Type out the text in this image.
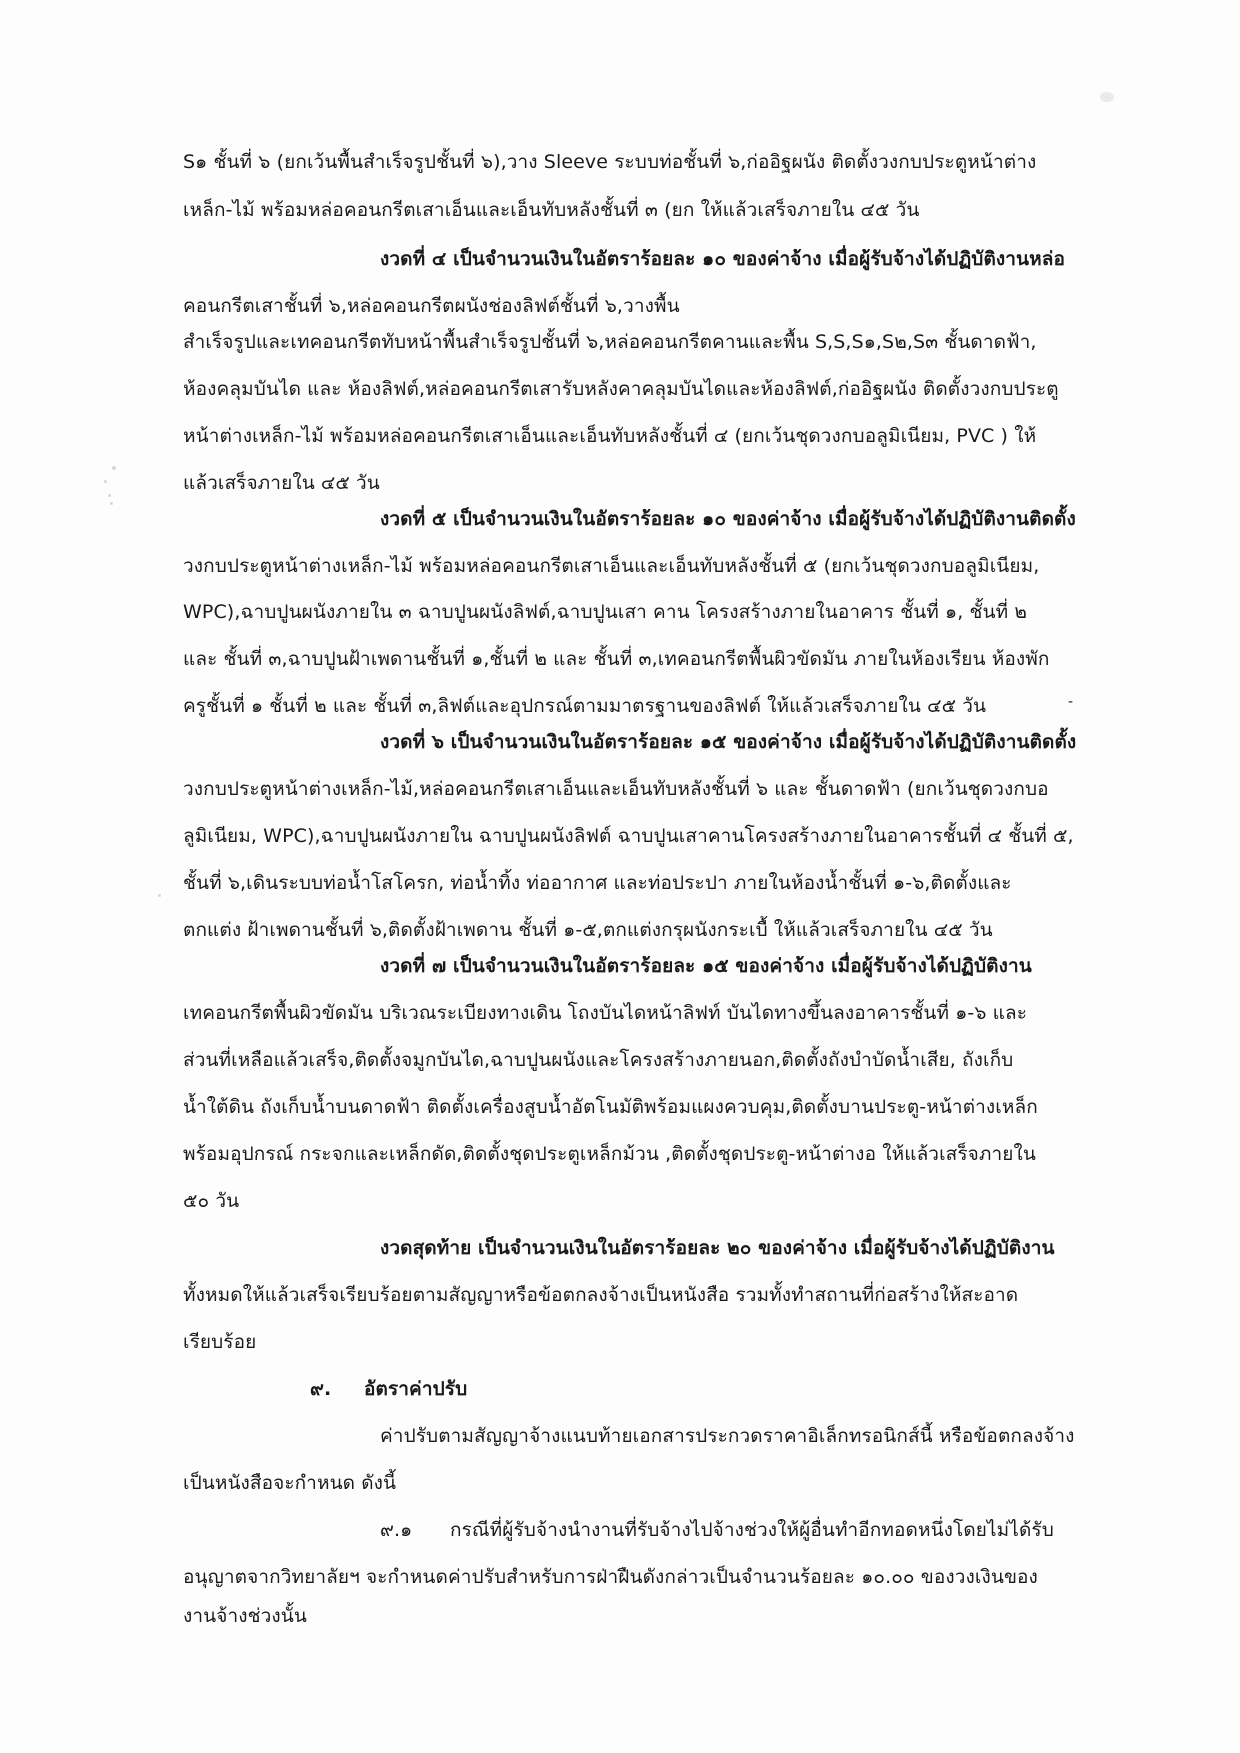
S๑ ชั้นที่ ๖ (ยกเว้นพื้นสำเร็จรูปชั้นที่ ๖),วาง Sleeve ระบบท่อชั้นที่ ๖,ก่ออิฐผนัง ติดตั้งวงกบประตูหน้าต่าง
เหล็ก-ไม้ พร้อมหล่อคอนกรีตเสาเอ็นและเอ็นทับหลังชั้นที่ ๓ (ยก ให้แล้วเสร็จภายใน ๔๕ วัน
งวดที่ ๔ เป็นจำนวนเงินในอัตราร้อยละ ๑๐ ของค่าจ้าง เมื่อผู้รับจ้างได้ปฏิบัติงานหล่อ
คอนกรีตเสาชั้นที่ ๖,หล่อคอนกรีตผนังช่องลิฟต์ชั้นที่ ๖,วางพื้น
สำเร็จรูปและเทคอนกรีตทับหน้าพื้นสำเร็จรูปชั้นที่ ๖,หล่อคอนกรีตคานและพื้น S,S,S๑,S๒,S๓ ชั้นดาดฟ้า,
ห้องคลุมบันได และ ห้องลิฟต์,หล่อคอนกรีตเสารับหลังคาคลุมบันไดและห้องลิฟต์,ก่ออิฐผนัง ติดตั้งวงกบประตู
หน้าต่างเหล็ก-ไม้ พร้อมหล่อคอนกรีตเสาเอ็นและเอ็นทับหลังชั้นที่ ๔ (ยกเว้นชุดวงกบอลูมิเนียม, PVC ) ให้
แล้วเสร็จภายใน ๔๕ วัน
งวดที่ ๕ เป็นจำนวนเงินในอัตราร้อยละ ๑๐ ของค่าจ้าง เมื่อผู้รับจ้างได้ปฏิบัติงานติดตั้ง
วงกบประตูหน้าต่างเหล็ก-ไม้ พร้อมหล่อคอนกรีตเสาเอ็นและเอ็นทับหลังชั้นที่ ๕ (ยกเว้นชุดวงกบอลูมิเนียม,
WPC),ฉาบปูนผนังภายใน ๓ ฉาบปูนผนังลิฟต์,ฉาบปูนเสา คาน โครงสร้างภายในอาคาร ชั้นที่ ๑, ชั้นที่ ๒
และ ชั้นที่ ๓,ฉาบปูนฝ้าเพดานชั้นที่ ๑,ชั้นที่ ๒ และ ชั้นที่ ๓,เทคอนกรีตพื้นผิวขัดมัน ภายในห้องเรียน ห้องพัก
ครูชั้นที่ ๑ ชั้นที่ ๒ และ ชั้นที่ ๓,ลิฟต์และอุปกรณ์ตามมาตรฐานของลิฟต์ ให้แล้วเสร็จภายใน ๔๕ วัน	-
งวดที่ ๖ เป็นจำนวนเงินในอัตราร้อยละ ๑๕ ของค่าจ้าง เมื่อผู้รับจ้างได้ปฏิบัติงานติดตั้ง
วงกบประตูหน้าต่างเหล็ก-ไม้,หล่อคอนกรีตเสาเอ็นและเอ็นทับหลังชั้นที่ ๖ และ ชั้นดาดฟ้า (ยกเว้นชุดวงกบอ
ลูมิเนียม, WPC),ฉาบปูนผนังภายใน ฉาบปูนผนังลิฟต์ ฉาบปูนเสาคานโครงสร้างภายในอาคารชั้นที่ ๔ ชั้นที่ ๕,
ชั้นที่ ๖,เดินระบบท่อน้ำโสโครก, ท่อน้ำทิ้ง ท่ออากาศ และท่อประปา ภายในห้องน้ำชั้นที่ ๑-๖,ติดตั้งและ
ตกแต่ง ฝ้าเพดานชั้นที่ ๖,ติดตั้งฝ้าเพดาน ชั้นที่ ๑-๕,ตกแต่งกรุผนังกระเบื้ ให้แล้วเสร็จภายใน ๔๕ วัน
งวดที่ ๗ เป็นจำนวนเงินในอัตราร้อยละ ๑๕ ของค่าจ้าง เมื่อผู้รับจ้างได้ปฏิบัติงาน
เทคอนกรีตพื้นผิวขัดมัน บริเวณระเบียงทางเดิน โถงบันไดหน้าลิฟท์ บันไดทางขึ้นลงอาคารชั้นที่ ๑-๖ และ
ส่วนที่เหลือแล้วเสร็จ,ติดตั้งจมูกบันได,ฉาบปูนผนังและโครงสร้างภายนอก,ติดตั้งถังบำบัดน้ำเสีย, ถังเก็บ
น้ำใต้ดิน ถังเก็บน้ำบนดาดฟ้า ติดตั้งเครื่องสูบน้ำอัตโนมัติพร้อมแผงควบคุม,ติดตั้งบานประตู-หน้าต่างเหล็ก
พร้อมอุปกรณ์ กระจกและเหล็กดัด,ติดตั้งชุดประตูเหล็กม้วน ,ติดตั้งชุดประตู-หน้าต่างอ ให้แล้วเสร็จภายใน
๕๐ วัน
งวดสุดท้าย เป็นจำนวนเงินในอัตราร้อยละ ๒๐ ของค่าจ้าง เมื่อผู้รับจ้างได้ปฏิบัติงาน
ทั้งหมดให้แล้วเสร็จเรียบร้อยตามสัญญาหรือข้อตกลงจ้างเป็นหนังสือ รวมทั้งทำสถานที่ก่อสร้างให้สะอาด
เรียบร้อย
๙. อัตราค่าปรับ
ค่าปรับตามสัญญาจ้างแนบท้ายเอกสารประกวดราคาอิเล็กทรอนิกส์นี้ หรือข้อตกลงจ้าง
เป็นหนังสือจะกำหนด ดังนี้
๙.๑ กรณีที่ผู้รับจ้างนำงานที่รับจ้างไปจ้างช่วงให้ผู้อื่นทำอีกทอดหนึ่งโดยไม่ได้รับ
อนุญาตจากวิทยาลัยฯ จะกำหนดค่าปรับสำหรับการฝ่าฝืนดังกล่าวเป็นจำนวนร้อยละ ๑๐.๐๐ ของวงเงินของ
งานจ้างช่วงนั้น
